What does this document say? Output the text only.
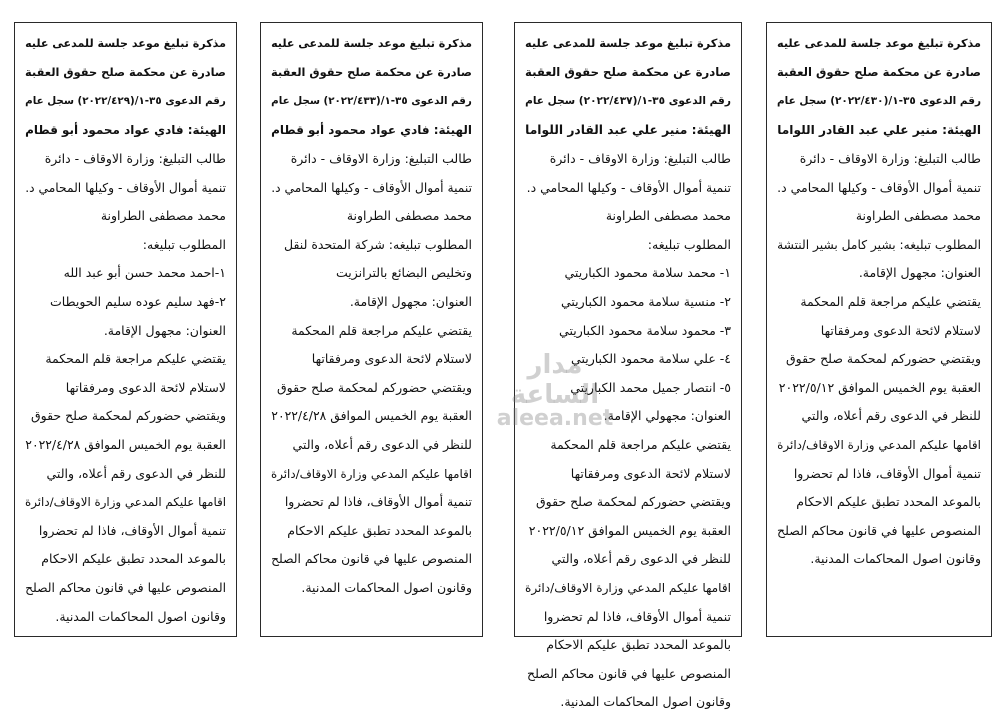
مذكرة تبليغ موعد جلسة للمدعى عليه
صادرة عن محكمة صلح حقوق العقبة
رقم الدعوى ٣٥-١/(٢٠٢٢/٤٢٩) سجل عام
الهيئة: فادي عواد محمود أبو قطام
طالب التبليغ: وزارة الاوقاف - دائرة
تنمية أموال الأوقاف - وكيلها المحامي د.
محمد مصطفى الطراونة
المطلوب تبليغه:
١-احمد محمد حسن أبو عبد الله
٢-فهد سليم عوده سليم الحويطات
العنوان: مجهول الإقامة.
يقتضي عليكم مراجعة قلم المحكمة
لاستلام لائحة الدعوى ومرفقاتها
ويقتضي حضوركم لمحكمة صلح حقوق
العقبة يوم الخميس الموافق ٢٠٢٢/٤/٢٨
للنظر في الدعوى رقم أعلاه، والتي
اقامها عليكم المدعي وزارة الاوقاف/دائرة
تنمية أموال الأوقاف، فاذا لم تحضروا
بالموعد المحدد تطبق عليكم الاحكام
المنصوص عليها في قانون محاكم الصلح
وقانون اصول المحاكمات المدنية.
مذكرة تبليغ موعد جلسة للمدعى عليه
صادرة عن محكمة صلح حقوق العقبة
رقم الدعوى ٣٥-١/(٢٠٢٢/٤٣٣) سجل عام
الهيئة: فادي عواد محمود أبو قطام
طالب التبليغ: وزارة الاوقاف - دائرة
تنمية أموال الأوقاف - وكيلها المحامي د.
محمد مصطفى الطراونة
المطلوب تبليغه: شركة المتحدة لنقل
وتخليص البضائع بالترانزيت
العنوان: مجهول الإقامة.
يقتضي عليكم مراجعة قلم المحكمة
لاستلام لائحة الدعوى ومرفقاتها
ويقتضي حضوركم لمحكمة صلح حقوق
العقبة يوم الخميس الموافق ٢٠٢٢/٤/٢٨
للنظر في الدعوى رقم أعلاه، والتي
اقامها عليكم المدعي وزارة الاوقاف/دائرة
تنمية أموال الأوقاف، فاذا لم تحضروا
بالموعد المحدد تطبق عليكم الاحكام
المنصوص عليها في قانون محاكم الصلح
وقانون اصول المحاكمات المدنية.
مذكرة تبليغ موعد جلسة للمدعى عليه
صادرة عن محكمة صلح حقوق العقبة
رقم الدعوى ٣٥-١/(٢٠٢٢/٤٣٧) سجل عام
الهيئة: منير علي عبد القادر اللواما
طالب التبليغ: وزارة الاوقاف - دائرة
تنمية أموال الأوقاف - وكيلها المحامي د.
محمد مصطفى الطراونة
المطلوب تبليغه:
١- محمد سلامة محمود الكباريتي
٢- منسية سلامة محمود الكباريتي
٣- محمود سلامة محمود الكباريتي
٤- علي سلامة محمود الكباريتي
٥- انتصار جميل محمد الكباريتي
العنوان: مجهولي الإقامة.
يقتضي عليكم مراجعة قلم المحكمة
لاستلام لائحة الدعوى ومرفقاتها
ويقتضي حضوركم لمحكمة صلح حقوق
العقبة يوم الخميس الموافق ٢٠٢٢/٥/١٢
للنظر في الدعوى رقم أعلاه، والتي
اقامها عليكم المدعي وزارة الاوقاف/دائرة
تنمية أموال الأوقاف، فاذا لم تحضروا
بالموعد المحدد تطبق عليكم الاحكام
المنصوص عليها في قانون محاكم الصلح
وقانون اصول المحاكمات المدنية.
مذكرة تبليغ موعد جلسة للمدعى عليه
صادرة عن محكمة صلح حقوق العقبة
رقم الدعوى ٣٥-١/(٢٠٢٢/٤٣٠) سجل عام
الهيئة: منير علي عبد القادر اللواما
طالب التبليغ: وزارة الاوقاف - دائرة
تنمية أموال الأوقاف - وكيلها المحامي د.
محمد مصطفى الطراونة
المطلوب تبليغه: بشير كامل بشير النتشة
العنوان: مجهول الإقامة.
يقتضي عليكم مراجعة قلم المحكمة
لاستلام لائحة الدعوى ومرفقاتها
ويقتضي حضوركم لمحكمة صلح حقوق
العقبة يوم الخميس الموافق ٢٠٢٢/٥/١٢
للنظر في الدعوى رقم أعلاه، والتي
اقامها عليكم المدعي وزارة الاوقاف/دائرة
تنمية أموال الأوقاف، فاذا لم تحضروا
بالموعد المحدد تطبق عليكم الاحكام
المنصوص عليها في قانون محاكم الصلح
وقانون اصول المحاكمات المدنية.
مدار الساعة
aleea.net
